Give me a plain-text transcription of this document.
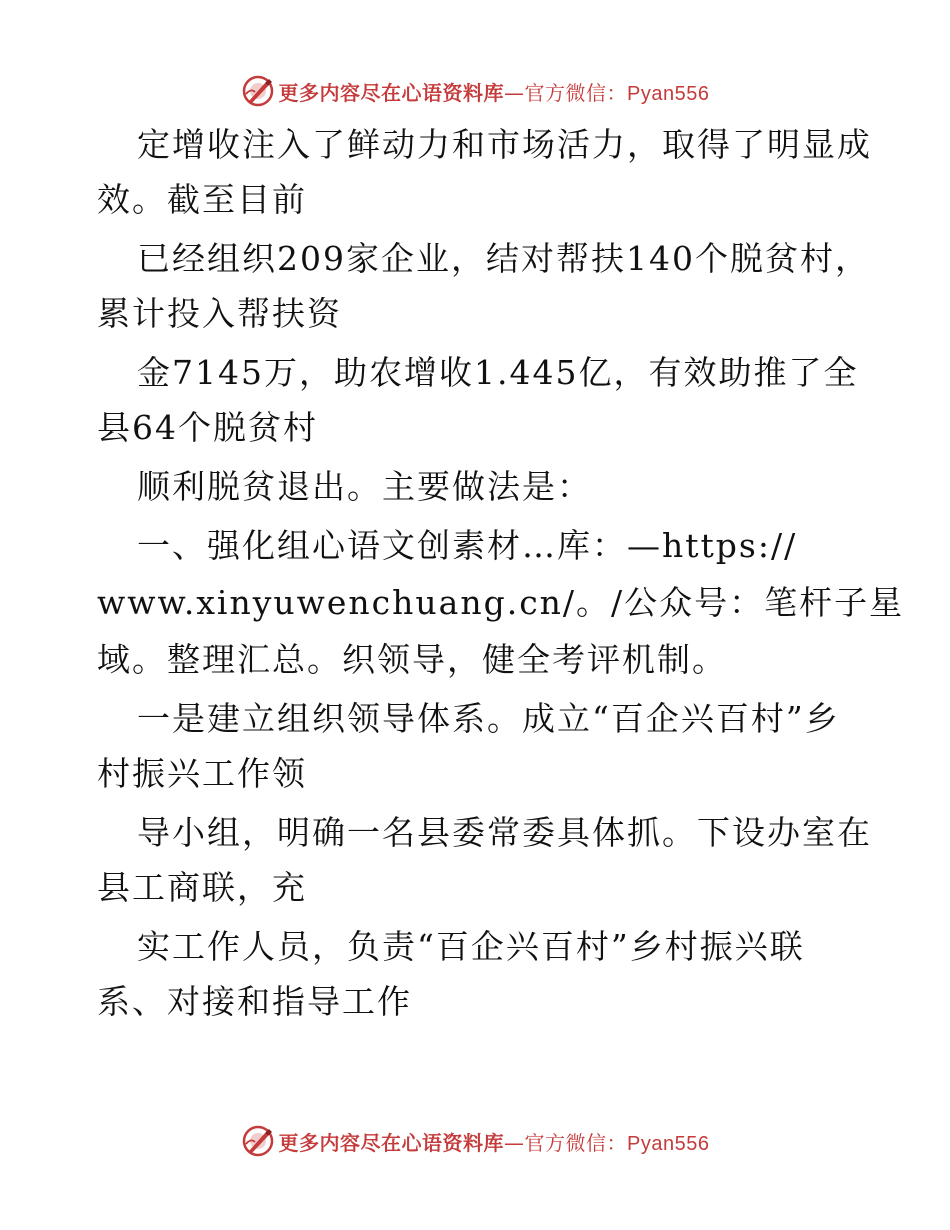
更多内容尽在心语资料库—官方微信：Pyan556
定增收注入了鲜动力和市场活力，取得了明显成
效。截至目前
已经组织209家企业，结对帮扶140个脱贫村，
累计投入帮扶资
金7145万，助农增收1.445亿，有效助推了全
县64个脱贫村
顺利脱贫退出。主要做法是：
一、强化组心语文创素材…库：—https://
www.xinyuwenchuang.cn/。/公众号：笔杆子星
域。整理汇总。织领导，健全考评机制。
一是建立组织领导体系。成立“百企兴百村”乡
村振兴工作领
导小组，明确一名县委常委具体抓。下设办室在
县工商联，充
实工作人员，负责“百企兴百村”乡村振兴联
系、对接和指导工作
更多内容尽在心语资料库—官方微信：Pyan556
